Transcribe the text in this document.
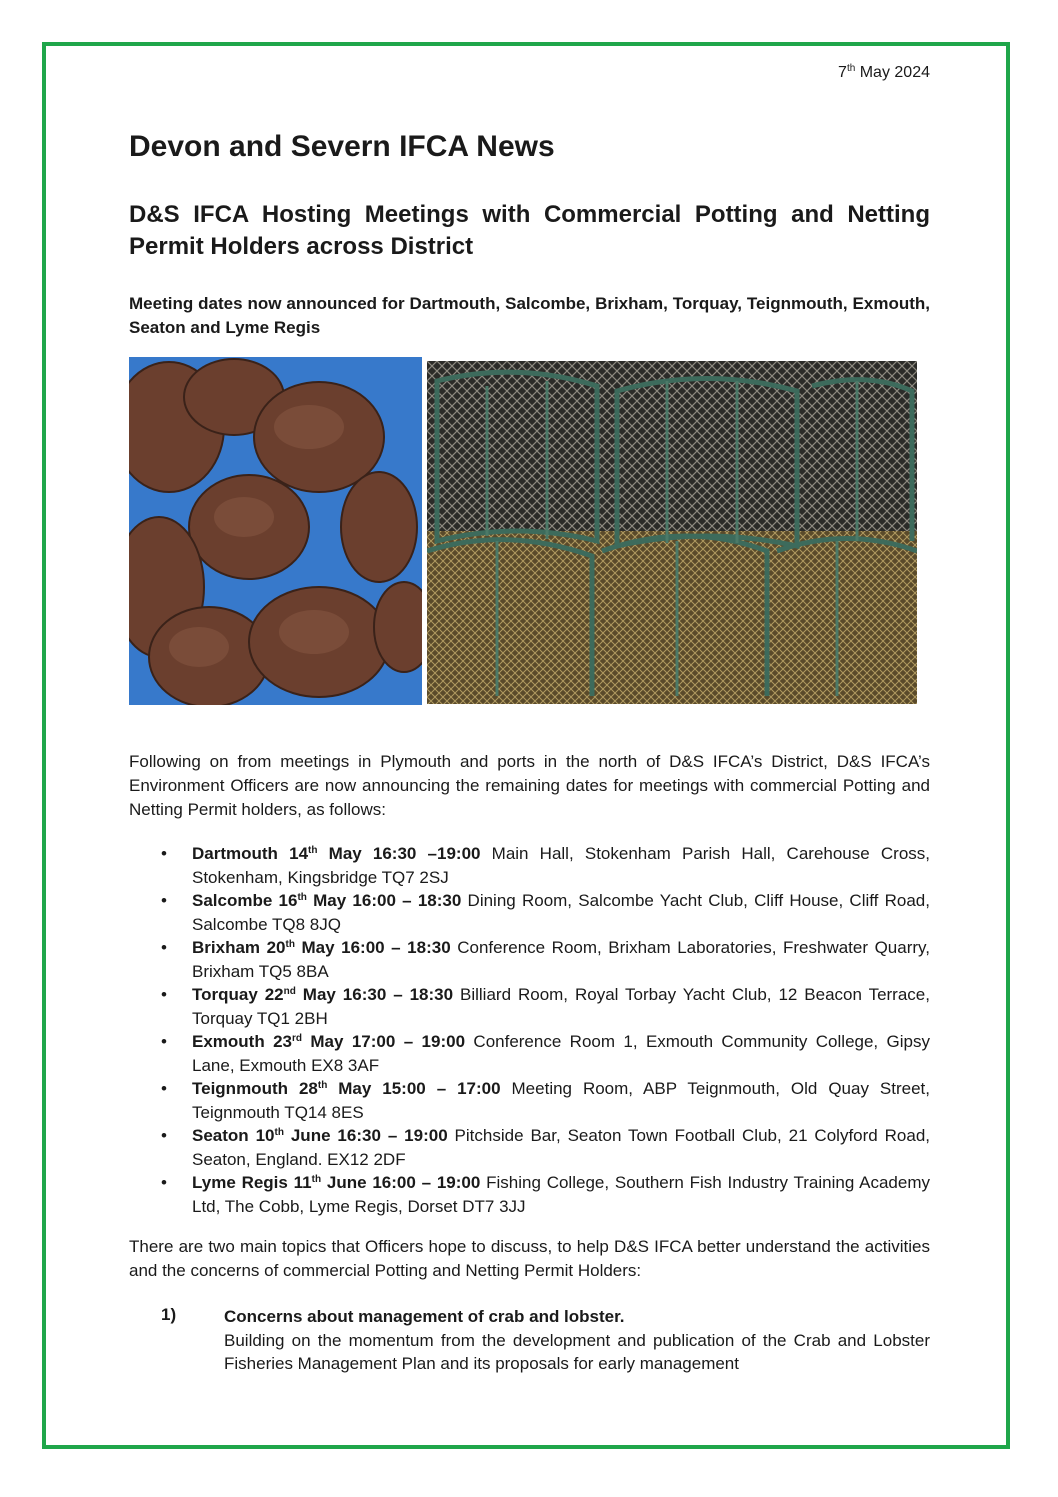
7th May 2024
Devon and Severn IFCA News
D&S IFCA Hosting Meetings with Commercial Potting and Netting Permit Holders across District
Meeting dates now announced for Dartmouth, Salcombe, Brixham, Torquay, Teignmouth, Exmouth, Seaton and Lyme Regis

Following on from meetings in Plymouth and ports in the north of D&S IFCA’s District, D&S IFCA’s Environment Officers are now announcing the remaining dates for meetings with commercial Potting and Netting Permit holders, as follows:

• Dartmouth 14th May 16:30 –19:00 Main Hall, Stokenham Parish Hall, Carehouse Cross, Stokenham, Kingsbridge TQ7 2SJ
• Salcombe 16th May 16:00 – 18:30 Dining Room, Salcombe Yacht Club, Cliff House, Cliff Road, Salcombe TQ8 8JQ
• Brixham 20th May 16:00 – 18:30 Conference Room, Brixham Laboratories, Freshwater Quarry, Brixham TQ5 8BA
• Torquay 22nd May 16:30 – 18:30 Billiard Room, Royal Torbay Yacht Club, 12 Beacon Terrace, Torquay TQ1 2BH
• Exmouth 23rd May 17:00 – 19:00 Conference Room 1, Exmouth Community College, Gipsy Lane, Exmouth EX8 3AF
• Teignmouth 28th May 15:00 – 17:00 Meeting Room, ABP Teignmouth, Old Quay Street, Teignmouth TQ14 8ES
• Seaton 10th June 16:30 – 19:00 Pitchside Bar, Seaton Town Football Club, 21 Colyford Road, Seaton, England. EX12 2DF
• Lyme Regis 11th June 16:00 – 19:00 Fishing College, Southern Fish Industry Training Academy Ltd, The Cobb, Lyme Regis, Dorset DT7 3JJ

There are two main topics that Officers hope to discuss, to help D&S IFCA better understand the activities and the concerns of commercial Potting and Netting Permit Holders:

1)	Concerns about management of crab and lobster.
Building on the momentum from the development and publication of the Crab and Lobster Fisheries Management Plan and its proposals for early management
